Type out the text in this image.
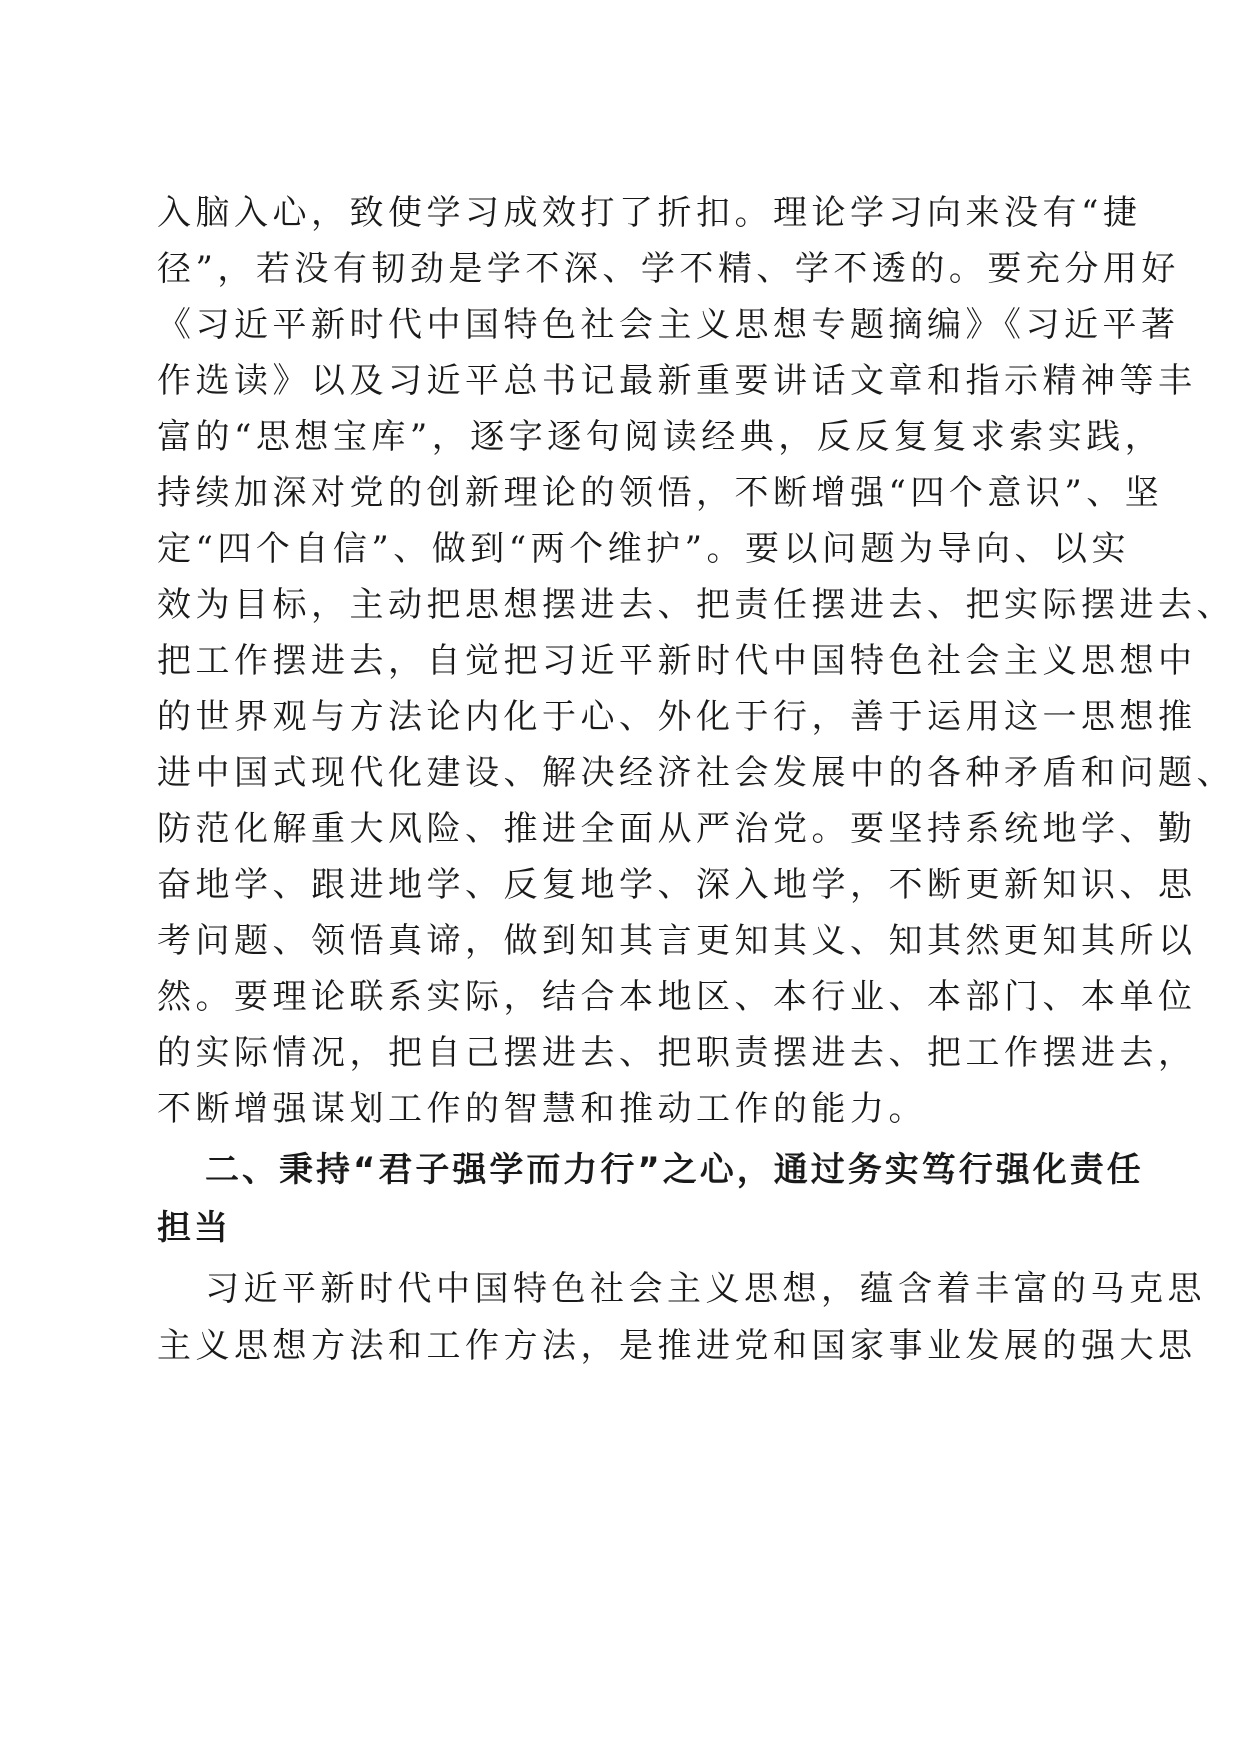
入脑入心，致使学习成效打了折扣。理论学习向来没有“捷
径”，若没有韧劲是学不深、学不精、学不透的。要充分用好
《习近平新时代中国特色社会主义思想专题摘编》《习近平著
作选读》以及习近平总书记最新重要讲话文章和指示精神等丰
富的“思想宝库”，逐字逐句阅读经典，反反复复求索实践，
持续加深对党的创新理论的领悟，不断增强“四个意识”、坚
定“四个自信”、做到“两个维护”。要以问题为导向、以实
效为目标，主动把思想摆进去、把责任摆进去、把实际摆进去、
把工作摆进去，自觉把习近平新时代中国特色社会主义思想中
的世界观与方法论内化于心、外化于行，善于运用这一思想推
进中国式现代化建设、解决经济社会发展中的各种矛盾和问题、
防范化解重大风险、推进全面从严治党。要坚持系统地学、勤
奋地学、跟进地学、反复地学、深入地学，不断更新知识、思
考问题、领悟真谛，做到知其言更知其义、知其然更知其所以
然。要理论联系实际，结合本地区、本行业、本部门、本单位
的实际情况，把自己摆进去、把职责摆进去、把工作摆进去，
不断增强谋划工作的智慧和推动工作的能力。
二、秉持“君子强学而力行”之心，通过务实笃行强化责任
担当
习近平新时代中国特色社会主义思想，蕴含着丰富的马克思
主义思想方法和工作方法，是推进党和国家事业发展的强大思
